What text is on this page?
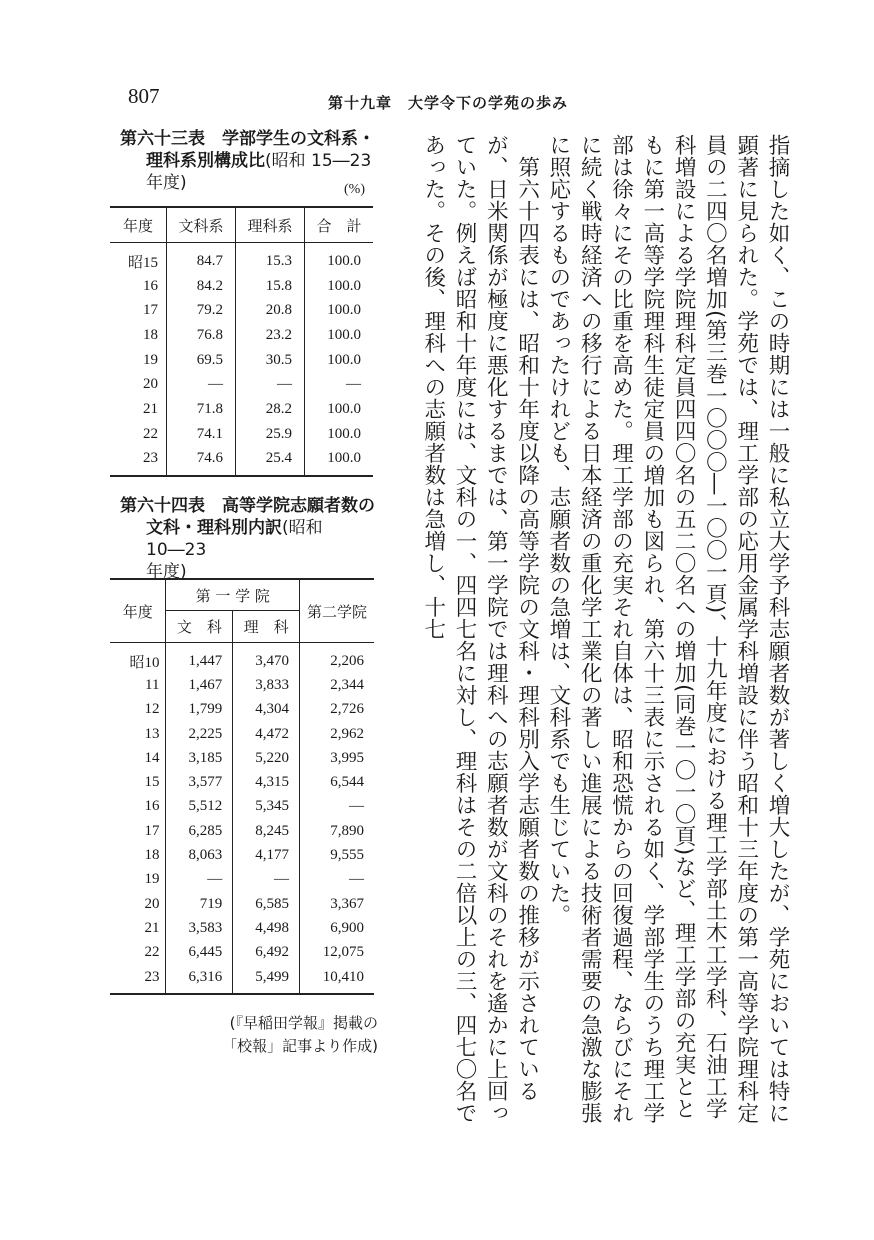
807	第十九章　大学令下の学苑の歩み

指摘した如く、この時期には一般に私立大学予科志願者数が著しく増大したが、学苑においては特に顕著に見られた。学苑では、理工学部の応用金属学科増設に伴う昭和十三年度の第一高等学院理科定員の二四〇名増加(第三巻一〇〇〇―一〇〇一頁)、十九年度における理工学部土木工学科、石油工学科増設による学院理科定員四四〇名の五二〇名への増加(同巻一〇一〇頁)など、理工学部の充実とともに第一高等学院理科生徒定員の増加も図られ、第六十三表に示される如く、学部学生のうち理工学部は徐々にその比重を高めた。理工学部の充実それ自体は、昭和恐慌からの回復過程、ならびにそれに続く戦時経済への移行による日本経済の重化学工業化の著しい進展による技術者需要の急激な膨張に照応するものであったけれども、志願者数の急増は、文科系でも生じていた。

第六十四表には、昭和十年度以降の高等学院の文科・理科別入学志願者数の推移が示されているが、日米関係が極度に悪化するまでは、第一学院では理科への志願者数が文科のそれを遙かに上回っていた。例えば昭和十年度には、文科の一、四四七名に対し、理科はその二倍以上の三、四七〇名であった。その後、理科への志願者数は急増し、十七

第六十三表　学部学生の文科系・
理科系別構成比(昭和 15―23
年度)	(%)
年度	文科系	理科系	合　計
昭15	84.7	15.3	100.0
16	84.2	15.8	100.0
17	79.2	20.8	100.0
18	76.8	23.2	100.0
19	69.5	30.5	100.0
20	―	―	―
21	71.8	28.2	100.0
22	74.1	25.9	100.0
23	74.6	25.4	100.0
第六十四表　高等学院志願者数の
文科・理科別内訳(昭和 10―23
年度)
年度	第 一 学 院		第二学院
	文　科	理　科	
昭10	1,447	3,470	2,206
11	1,467	3,833	2,344
12	1,799	4,304	2,726
13	2,225	4,472	2,962
14	3,185	5,220	3,995
15	3,577	4,315	6,544
16	5,512	5,345	―
17	6,285	8,245	7,890
18	8,063	4,177	9,555
19	―	―	―
20	719	6,585	3,367
21	3,583	4,498	6,900
22	6,445	6,492	12,075
23	6,316	5,499	10,410
(『早稲田学報』掲載の
「校報」記事より作成)
